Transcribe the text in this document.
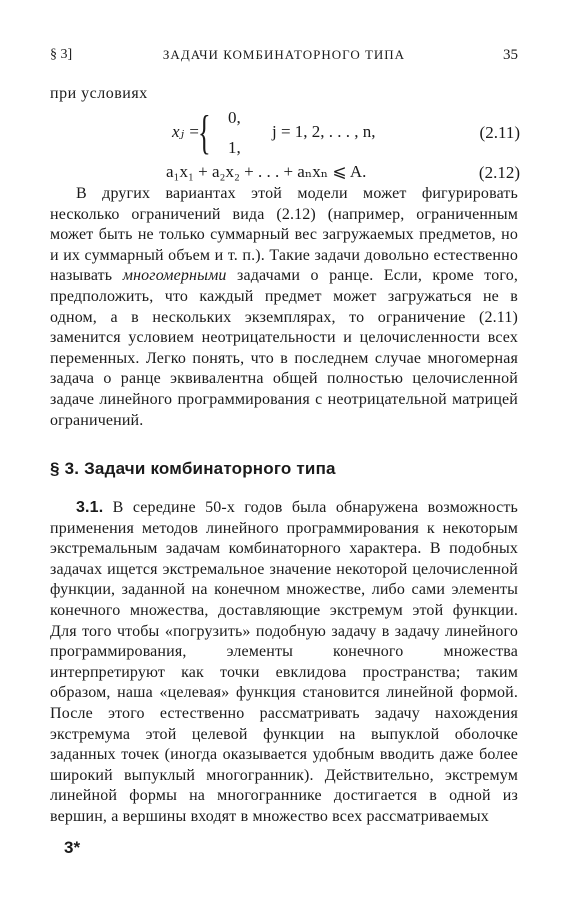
§ 3]	ЗАДАЧИ КОМБИНАТОРНОГО ТИПА	35
при условиях
xⱼ =
{ 0,
1,
j = 1, 2, . . . , n,	(2.11)
a₁x₁ + a₂x₂ + . . . + aₙxₙ ⩽ A.	(2.12)

В других вариантах этой модели может фигурировать несколько ограничений вида (2.12) (например, ограниченным может быть не только суммарный вес загружаемых предметов, но и их суммарный объем и т. п.). Такие задачи довольно естественно называть многомерными задачами о ранце. Если, кроме того, предположить, что каждый предмет может загружаться не в одном, а в нескольких экземплярах, то ограничение (2.11) заменится условием неотрицательности и целочисленности всех переменных. Легко понять, что в последнем случае многомерная задача о ранце эквивалентна общей полностью целочисленной задаче линейного программирования с неотрицательной матрицей ограничений.

§ 3. Задачи комбинаторного типа

3.1. В середине 50-х годов была обнаружена возможность применения методов линейного программирования к некоторым экстремальным задачам комбинаторного характера. В подобных задачах ищется экстремальное значение некоторой целочисленной функции, заданной на конечном множестве, либо сами элементы конечного множества, доставляющие экстремум этой функции. Для того чтобы «погрузить» подобную задачу в задачу линейного программирования, элементы конечного множества интерпретируют как точки евклидова пространства; таким образом, наша «целевая» функция становится линейной формой. После этого естественно рассматривать задачу нахождения экстремума этой целевой функции на выпуклой оболочке заданных точек (иногда оказывается удобным вводить даже более широкий выпуклый многогранник). Действительно, экстремум линейной формы на многограннике достигается в одной из вершин, а вершины входят в множество всех рассматриваемых

3*
